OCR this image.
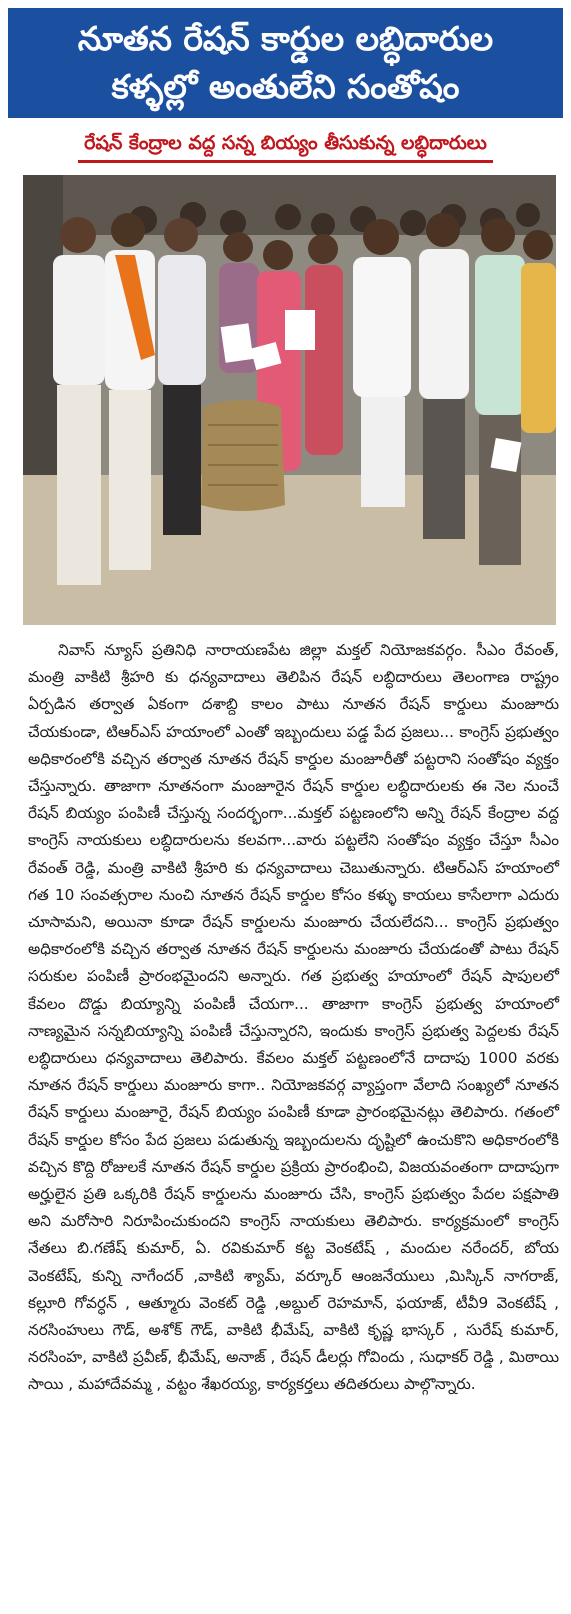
నూతన రేషన్ కార్డుల లబ్ధిదారుల
కళ్ళల్లో అంతులేని సంతోషం
రేషన్ కేంద్రాల వద్ద సన్న బియ్యం తీసుకున్న లబ్ధిదారులు
నివాస్ న్యూస్ ప్రతినిధి నారాయణపేట జిల్లా మక్తల్ నియోజకవర్గం. సీఎం రేవంత్, మంత్రి వాకిటి శ్రీహరి కు ధన్యవాదాలు తెలిపిన రేషన్ లబ్ధిదారులు తెలంగాణ రాష్ట్రం ఏర్పడిన తర్వాత ఏకంగా దశాబ్ది కాలం పాటు నూతన రేషన్ కార్డులు మంజూరు చేయకుండా, టిఆర్ఎస్ హయాంలో ఎంతో ఇబ్బందులు పడ్డ పేద ప్రజలు... కాంగ్రెస్ ప్రభుత్వం అధికారంలోకి వచ్చిన తర్వాత నూతన రేషన్ కార్డుల మంజూరీతో పట్టరాని సంతోషం వ్యక్తం చేస్తున్నారు. తాజాగా నూతనంగా మంజూరైన రేషన్ కార్డుల లబ్ధిదారులకు ఈ నెల నుంచే రేషన్ బియ్యం పంపిణీ చేస్తున్న సందర్భంగా...మక్తల్ పట్టణంలోని అన్ని రేషన్ కేంద్రాల వద్ద కాంగ్రెస్ నాయకులు లబ్ధిదారులను కలవగా...వారు పట్టలేని సంతోషం వ్యక్తం చేస్తూ సీఎం రేవంత్ రెడ్డి, మంత్రి వాకిటి శ్రీహరి కు ధన్యవాదాలు చెబుతున్నారు. టిఆర్ఎస్ హయాంలో గత 10 సంవత్సరాల నుంచి నూతన రేషన్ కార్డుల కోసం కళ్ళు కాయలు కాసేలాగా ఎదురు చూసామని, అయినా కూడా రేషన్ కార్డులను మంజూరు చేయలేదని... కాంగ్రెస్ ప్రభుత్వం అధికారంలోకి వచ్చిన తర్వాత నూతన రేషన్ కార్డులను మంజూరు చేయడంతో పాటు రేషన్ సరుకుల పంపిణీ ప్రారంభమైందని అన్నారు. గత ప్రభుత్వ హయాంలో రేషన్ షాపులలో కేవలం దొడ్డు బియ్యాన్ని పంపిణీ చేయగా... తాజాగా కాంగ్రెస్ ప్రభుత్వ హయాంలో నాణ్యమైన సన్నబియ్యాన్ని పంపిణీ చేస్తున్నారని, ఇందుకు కాంగ్రెస్ ప్రభుత్వ పెద్దలకు రేషన్ లబ్ధిదారులు ధన్యవాదాలు తెలిపారు. కేవలం మక్తల్ పట్టణంలోనే దాదాపు 1000 వరకు నూతన రేషన్ కార్డులు మంజూరు కాగా.. నియోజకవర్గ వ్యాప్తంగా వేలాది సంఖ్యలో నూతన రేషన్ కార్డులు మంజూరై, రేషన్ బియ్యం పంపిణీ కూడా ప్రారంభమైనట్లు తెలిపారు. గతంలో రేషన్ కార్డుల కోసం పేద ప్రజలు పడుతున్న ఇబ్బందులను దృష్టిలో ఉంచుకొని అధికారంలోకి వచ్చిన కొద్ది రోజులకే నూతన రేషన్ కార్డుల ప్రక్రియ ప్రారంభించి, విజయవంతంగా దాదాపుగా అర్హులైన ప్రతి ఒక్కరికి రేషన్ కార్డులను మంజూరు చేసి, కాంగ్రెస్ ప్రభుత్వం పేదల పక్షపాతి అని మరోసారి నిరూపించుకుందని కాంగ్రెస్ నాయకులు తెలిపారు. కార్యక్రమంలో కాంగ్రెస్ నేతలు బి.గణేష్ కుమార్, ఏ. రవికుమార్ కట్ట వెంకటేష్ , మందుల నరేందర్, బోయ వెంకటేష్, కున్ని నాగేందర్ ,వాకిటి శ్యామ్, వర్కూర్ ఆంజనేయులు ,మిస్కిన్ నాగరాజ్, కల్లూరి గోవర్ధన్ , ఆత్మూరు వెంకట్ రెడ్డి ,అబ్దుల్ రెహమాన్, ఫయాజ్, టీవీ9 వెంకటేష్ , నరసింహులు గౌడ్, అశోక్ గౌడ్, వాకిటి భీమేష్, వాకిటి కృష్ణ భాస్కర్ , సురేష్ కుమార్, నరసింహ, వాకిటి ప్రవీణ్, భీమేష్, అనాజ్ , రేషన్ డీలర్లు గోవిందు , సుధాకర్ రెడ్డి , మిఠాయి సాయి , మహాదేవమ్మ , వట్టం శేఖరయ్య, కార్యకర్తలు తదితరులు పాల్గొన్నారు.
